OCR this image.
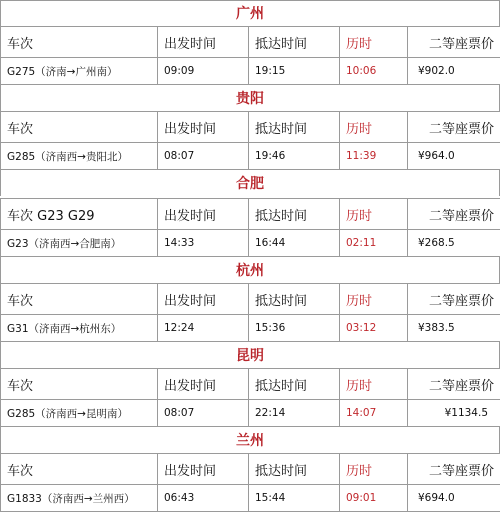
广州
车次	出发时间	抵达时间	历时	二等座票价
G275（济南→广州南）	09:09	19:15	10:06	¥902.0
贵阳
车次	出发时间	抵达时间	历时	二等座票价
G285（济南西→贵阳北）	08:07	19:46	11:39	¥964.0
合肥
车次 G23 G29	出发时间	抵达时间	历时	二等座票价
G23（济南西→合肥南）	14:33	16:44	02:11	¥268.5
杭州
车次	出发时间	抵达时间	历时	二等座票价
G31（济南西→杭州东）	12:24	15:36	03:12	¥383.5
昆明
车次	出发时间	抵达时间	历时	二等座票价
G285（济南西→昆明南）	08:07	22:14	14:07	¥1134.5
兰州
车次	出发时间	抵达时间	历时	二等座票价
G1833（济南西→兰州西）	06:43	15:44	09:01	¥694.0
